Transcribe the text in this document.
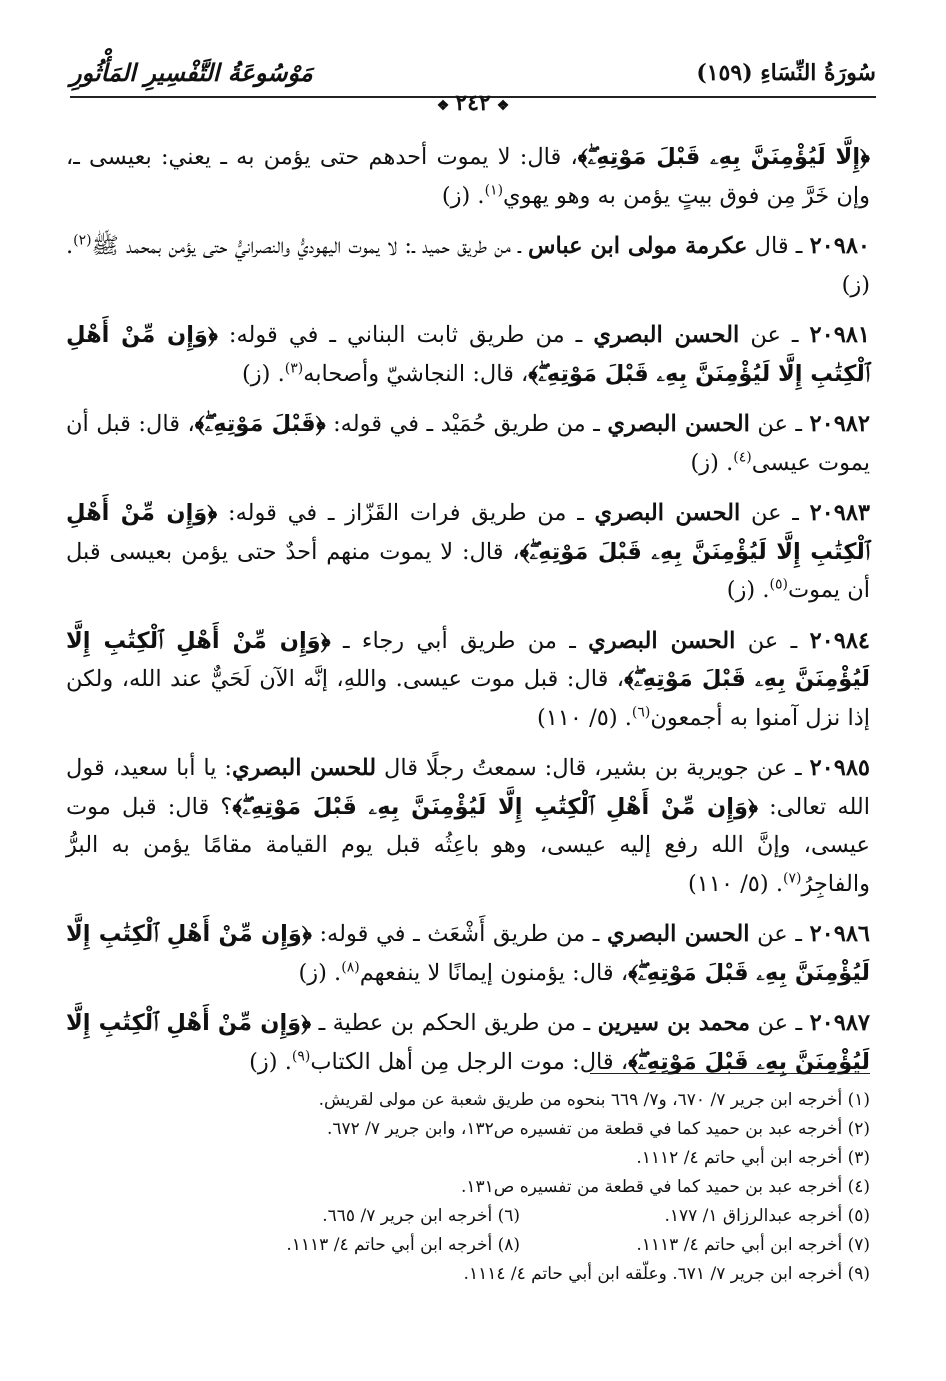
سُورَةُ النِّسَاءِ (١٥٩)
مَوْسُوعَةُ التَّفْسِيرِ المَأْثُورِ
❖٢٤٢❖
﴿إِلَّا لَيُؤْمِنَنَّ بِهِۦ قَبْلَ مَوْتِهِۦۖ﴾، قال: لا يموت أحدهم حتى يؤمن به ـ يعني: بعيسى ـ، وإن خَرَّ مِن فوق بيتٍ يؤمن به وهو يهوي$^{(١)}$. (ز)
٢٠٩٨٠ ـ قال عكرمة مولى ابن عباس ـ من طريق حميد ـ: لا يموت اليهوديُّ والنصرانيُّ حتى يؤمن بمحمد ﷺ$^{(٢)}$. (ز)
٢٠٩٨١ ـ عن الحسن البصري ـ من طريق ثابت البناني ـ في قوله: ﴿وَإِن مِّنْ أَهْلِ ٱلْكِتَٰبِ إِلَّا لَيُؤْمِنَنَّ بِهِۦ قَبْلَ مَوْتِهِۦۖ﴾، قال: النجاشيّ وأصحابه$^{(٣)}$. (ز)
٢٠٩٨٢ ـ عن الحسن البصري ـ من طريق حُمَيْد ـ في قوله: ﴿قَبْلَ مَوْتِهِۦۖ﴾، قال: قبل أن يموت عيسى$^{(٤)}$. (ز)
٢٠٩٨٣ ـ عن الحسن البصري ـ من طريق فرات القَزّاز ـ في قوله: ﴿وَإِن مِّنْ أَهْلِ ٱلْكِتَٰبِ إِلَّا لَيُؤْمِنَنَّ بِهِۦ قَبْلَ مَوْتِهِۦۖ﴾، قال: لا يموت منهم أحدٌ حتى يؤمن بعيسى قبل أن يموت$^{(٥)}$. (ز)
٢٠٩٨٤ ـ عن الحسن البصري ـ من طريق أبي رجاء ـ ﴿وَإِن مِّنْ أَهْلِ ٱلْكِتَٰبِ إِلَّا لَيُؤْمِنَنَّ بِهِۦ قَبْلَ مَوْتِهِۦۖ﴾، قال: قبل موت عيسى. واللهِ، إنَّه الآن لَحَيٌّ عند الله، ولكن إذا نزل آمنوا به أجمعون$^{(٦)}$. (٥/ ١١٠)
٢٠٩٨٥ ـ عن جويرية بن بشير، قال: سمعتُ رجلًا قال للحسن البصري: يا أبا سعيد، قول الله تعالى: ﴿وَإِن مِّنْ أَهْلِ ٱلْكِتَٰبِ إِلَّا لَيُؤْمِنَنَّ بِهِۦ قَبْلَ مَوْتِهِۦۖ﴾؟ قال: قبل موت عيسى، وإنَّ الله رفع إليه عيسى، وهو باعِثُه قبل يوم القيامة مقامًا يؤمن به البرُّ والفاجِرُ$^{(٧)}$. (٥/ ١١٠)
٢٠٩٨٦ ـ عن الحسن البصري ـ من طريق أَشْعَث ـ في قوله: ﴿وَإِن مِّنْ أَهْلِ ٱلْكِتَٰبِ إِلَّا لَيُؤْمِنَنَّ بِهِۦ قَبْلَ مَوْتِهِۦۖ﴾، قال: يؤمنون إيمانًا لا ينفعهم$^{(٨)}$. (ز)
٢٠٩٨٧ ـ عن محمد بن سيرين ـ من طريق الحكم بن عطية ـ ﴿وَإِن مِّنْ أَهْلِ ٱلْكِتَٰبِ إِلَّا لَيُؤْمِنَنَّ بِهِۦ قَبْلَ مَوْتِهِۦۖ﴾، قال: موت الرجل مِن أهل الكتاب$^{(٩)}$. (ز)
(١) أخرجه ابن جرير ٧/ ٦٧٠، و٧/ ٦٦٩ بنحوه من طريق شعبة عن مولى لقريش.
(٢) أخرجه عبد بن حميد كما في قطعة من تفسيره ص١٣٢، وابن جرير ٧/ ٦٧٢.
(٣) أخرجه ابن أبي حاتم ٤/ ١١١٢.
(٤) أخرجه عبد بن حميد كما في قطعة من تفسيره ص١٣١.
(٥) أخرجه عبدالرزاق ١/ ١٧٧.
(٦) أخرجه ابن جرير ٧/ ٦٦٥.
(٧) أخرجه ابن أبي حاتم ٤/ ١١١٣.
(٨) أخرجه ابن أبي حاتم ٤/ ١١١٣.
(٩) أخرجه ابن جرير ٧/ ٦٧١. وعلّقه ابن أبي حاتم ٤/ ١١١٤.
